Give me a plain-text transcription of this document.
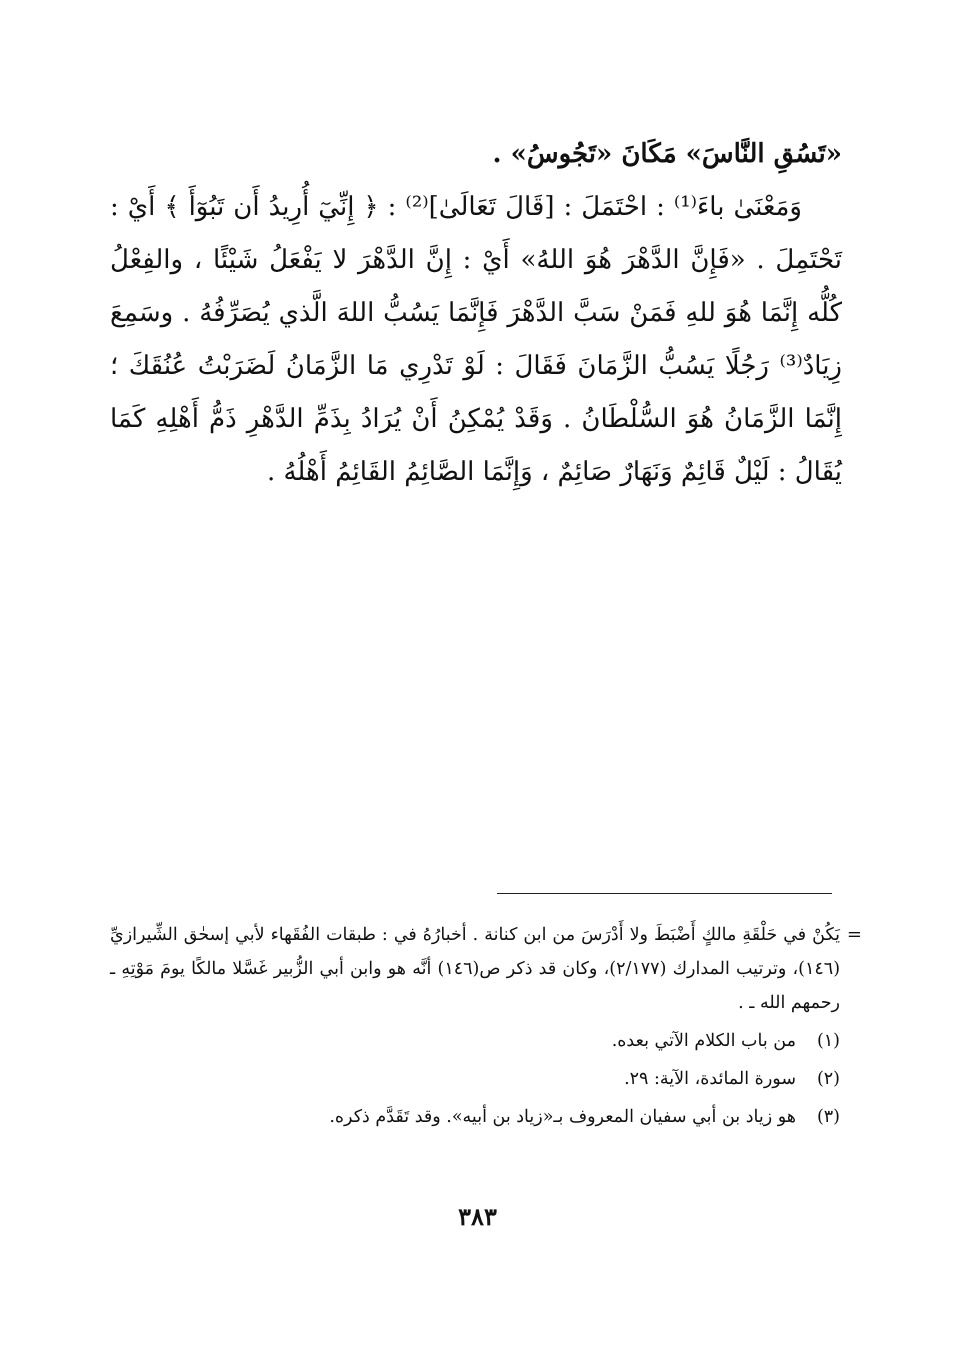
«تَسُقِ النَّاسَ» مَكَانَ «تَجُوسُ» .

وَمَعْنَىٰ باءَ⁽¹⁾ : احْتَمَلَ : [قَالَ تَعَالَىٰ]⁽²⁾ : ﴿ إِنِّيٓ أُرِيدُ أَن تَبُوٓأَ ﴾ أَيْ : تَحْتَمِلَ . «فَإِنَّ الدَّهْرَ هُوَ اللهُ» أَيْ : إِنَّ الدَّهْرَ لا يَفْعَلُ شَيْئًا ، والفِعْلُ كُلُّه إِنَّمَا هُوَ للهِ فَمَنْ سَبَّ الدَّهْرَ فَإِنَّمَا يَسُبُّ اللهَ الَّذي يُصَرِّفُهُ . وسَمِعَ زِيَادٌ⁽³⁾ رَجُلًا يَسُبُّ الزَّمَانَ فَقَالَ : لَوْ تَدْرِي مَا الزَّمَانُ لَضَرَبْتُ عُنُقَكَ ؛ إِنَّمَا الزَّمَانُ هُوَ السُّلْطَانُ . وَقَدْ يُمْكِنُ أَنْ يُرَادُ بِذَمِّ الدَّهْرِ ذَمُّ أَهْلِهِ كَمَا يُقَالُ : لَيْلٌ قَائِمٌ وَنَهَارٌ صَائِمٌ ، وَإِنَّمَا الصَّائِمُ القَائِمُ أَهْلُهُ .

=
يَكُنْ في حَلْقَةِ مالكٍ أَضْبَطَ ولا أَدْرَسَ من ابن كنانة . أخبارُهُ في : طبقات الفُقَهاء لأبي إسحٰق الشِّيرازيِّ (١٤٦)، وترتيب المدارك (٢/١٧٧)، وكان قد ذكر ص(١٤٦) أنَّه هو وابن أبي الزُّبير غَسَّلا مالكًا يومَ مَوْتِهِ ـ رحمهم الله ـ .
(١)
من باب الكلام الآتي بعده.
(٢)
سورة المائدة، الآية: ٢٩.
(٣)
هو زياد بن أبي سفيان المعروف بـ«زياد بن أبيه». وقد تَقَدَّم ذكره.
٣٨٣
